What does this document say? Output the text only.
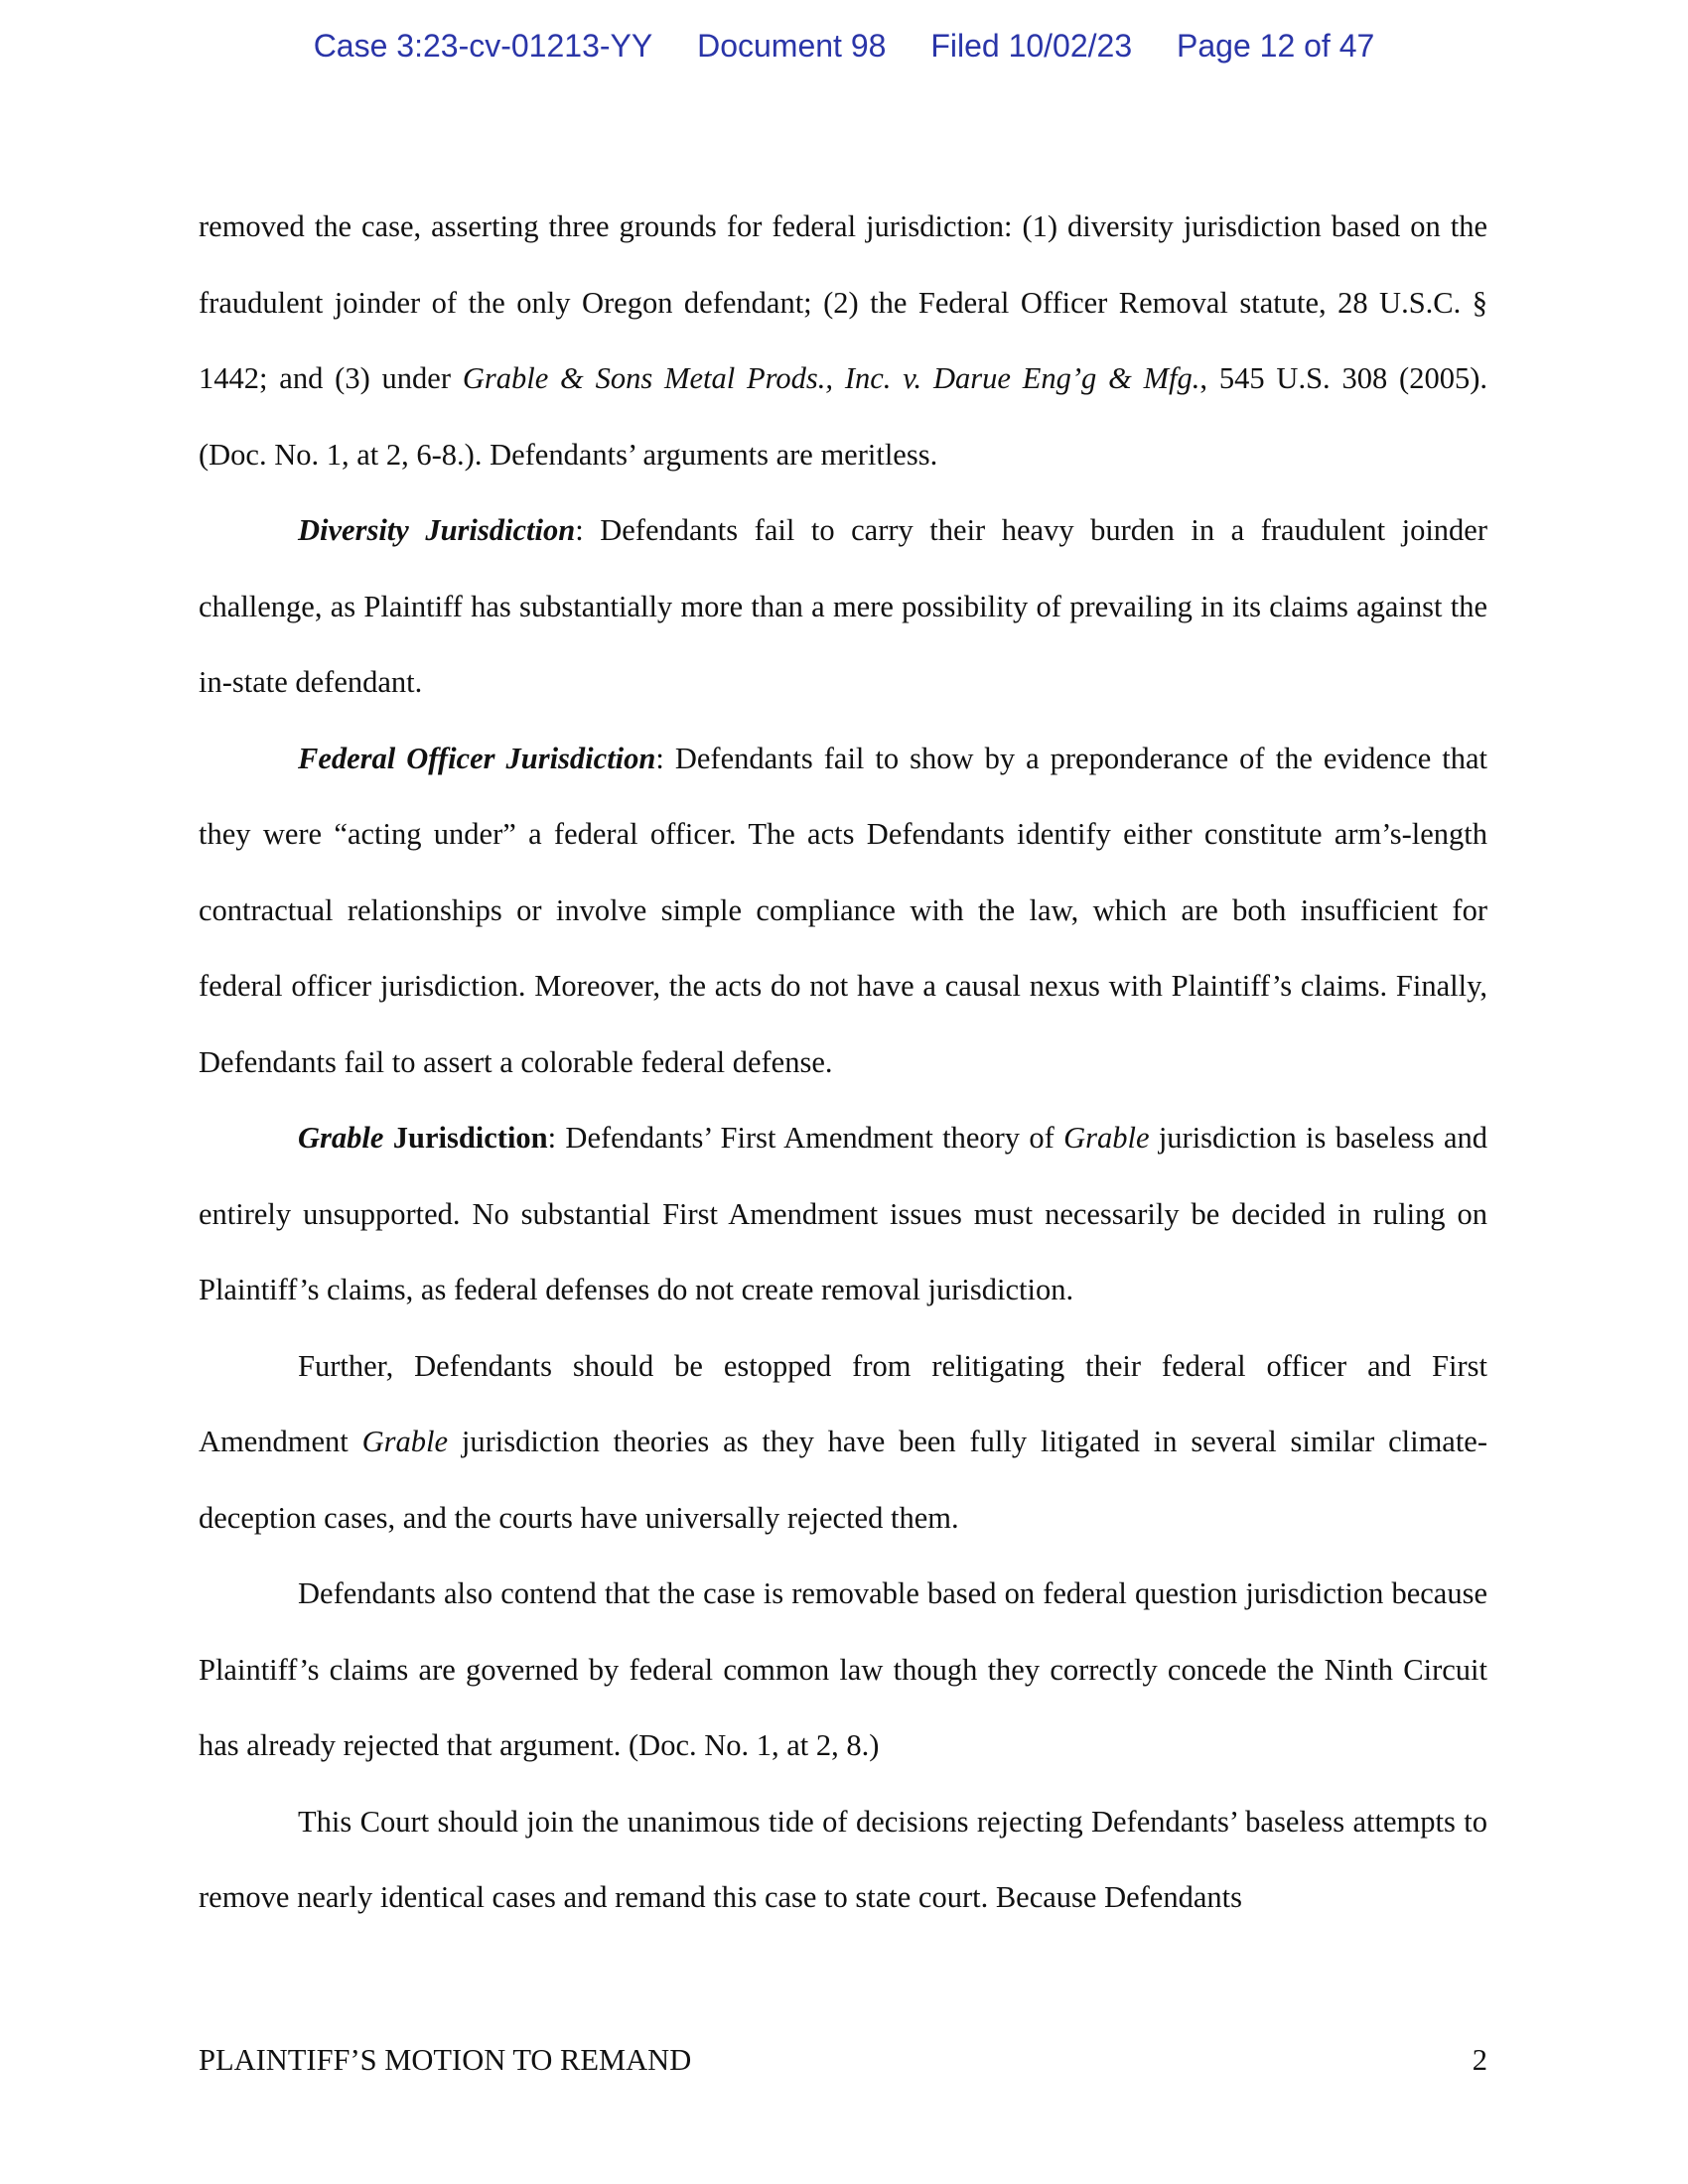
Case 3:23-cv-01213-YY Document 98 Filed 10/02/23 Page 12 of 47

removed the case, asserting three grounds for federal jurisdiction: (1) diversity jurisdiction based on the fraudulent joinder of the only Oregon defendant; (2) the Federal Officer Removal statute, 28 U.S.C. § 1442; and (3) under Grable & Sons Metal Prods., Inc. v. Darue Eng’g & Mfg., 545 U.S. 308 (2005). (Doc. No. 1, at 2, 6-8.). Defendants’ arguments are meritless.

Diversity Jurisdiction: Defendants fail to carry their heavy burden in a fraudulent joinder challenge, as Plaintiff has substantially more than a mere possibility of prevailing in its claims against the in-state defendant.

Federal Officer Jurisdiction: Defendants fail to show by a preponderance of the evidence that they were “acting under” a federal officer. The acts Defendants identify either constitute arm’s-length contractual relationships or involve simple compliance with the law, which are both insufficient for federal officer jurisdiction. Moreover, the acts do not have a causal nexus with Plaintiff’s claims. Finally, Defendants fail to assert a colorable federal defense.

Grable Jurisdiction: Defendants’ First Amendment theory of Grable jurisdiction is baseless and entirely unsupported. No substantial First Amendment issues must necessarily be decided in ruling on Plaintiff’s claims, as federal defenses do not create removal jurisdiction.

Further, Defendants should be estopped from relitigating their federal officer and First Amendment Grable jurisdiction theories as they have been fully litigated in several similar climate-deception cases, and the courts have universally rejected them.

Defendants also contend that the case is removable based on federal question jurisdiction because Plaintiff’s claims are governed by federal common law though they correctly concede the Ninth Circuit has already rejected that argument. (Doc. No. 1, at 2, 8.)

This Court should join the unanimous tide of decisions rejecting Defendants’ baseless attempts to remove nearly identical cases and remand this case to state court. Because Defendants

PLAINTIFF’S MOTION TO REMAND	2
